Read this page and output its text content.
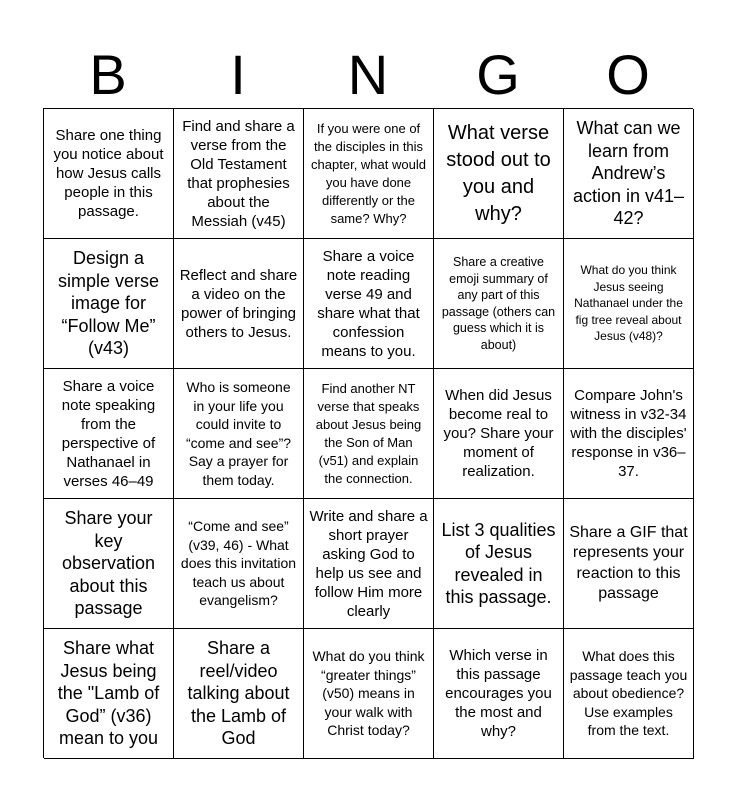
B	I	N	G	O
Share one thing you notice about how Jesus calls people in this passage.
Find and share a verse from the Old Testament that prophesies about the Messiah (v45)
If you were one of the disciples in this chapter, what would you have done differently or the same? Why?
What verse stood out to you and why?
What can we learn from Andrew’s action in v41–42?
Design a simple verse image for “Follow Me” (v43)
Reflect and share a video on the power of bringing others to Jesus.
Share a voice note reading verse 49 and share what that confession means to you.
Share a creative emoji summary of any part of this passage (others can guess which it is about)
What do you think Jesus seeing Nathanael under the fig tree reveal about Jesus (v48)?
Share a voice note speaking from the perspective of Nathanael in verses 46–49
Who is someone in your life you could invite to “come and see”? Say a prayer for them today.
Find another NT verse that speaks about Jesus being the Son of Man (v51) and explain the connection.
When did Jesus become real to you? Share your moment of realization.
Compare John's witness in v32-34 with the disciples' response in v36–37.
Share your key observation about this passage
“Come and see” (v39, 46) - What does this invitation teach us about evangelism?
Write and share a short prayer asking God to help us see and follow Him more clearly
List 3 qualities of Jesus revealed in this passage.
Share a GIF that represents your reaction to this passage
Share what Jesus being the "Lamb of God” (v36) mean to you
Share a reel/video talking about the Lamb of God
What do you think “greater things” (v50) means in your walk with Christ today?
Which verse in this passage encourages you the most and why?
What does this passage teach you about obedience? Use examples from the text.
